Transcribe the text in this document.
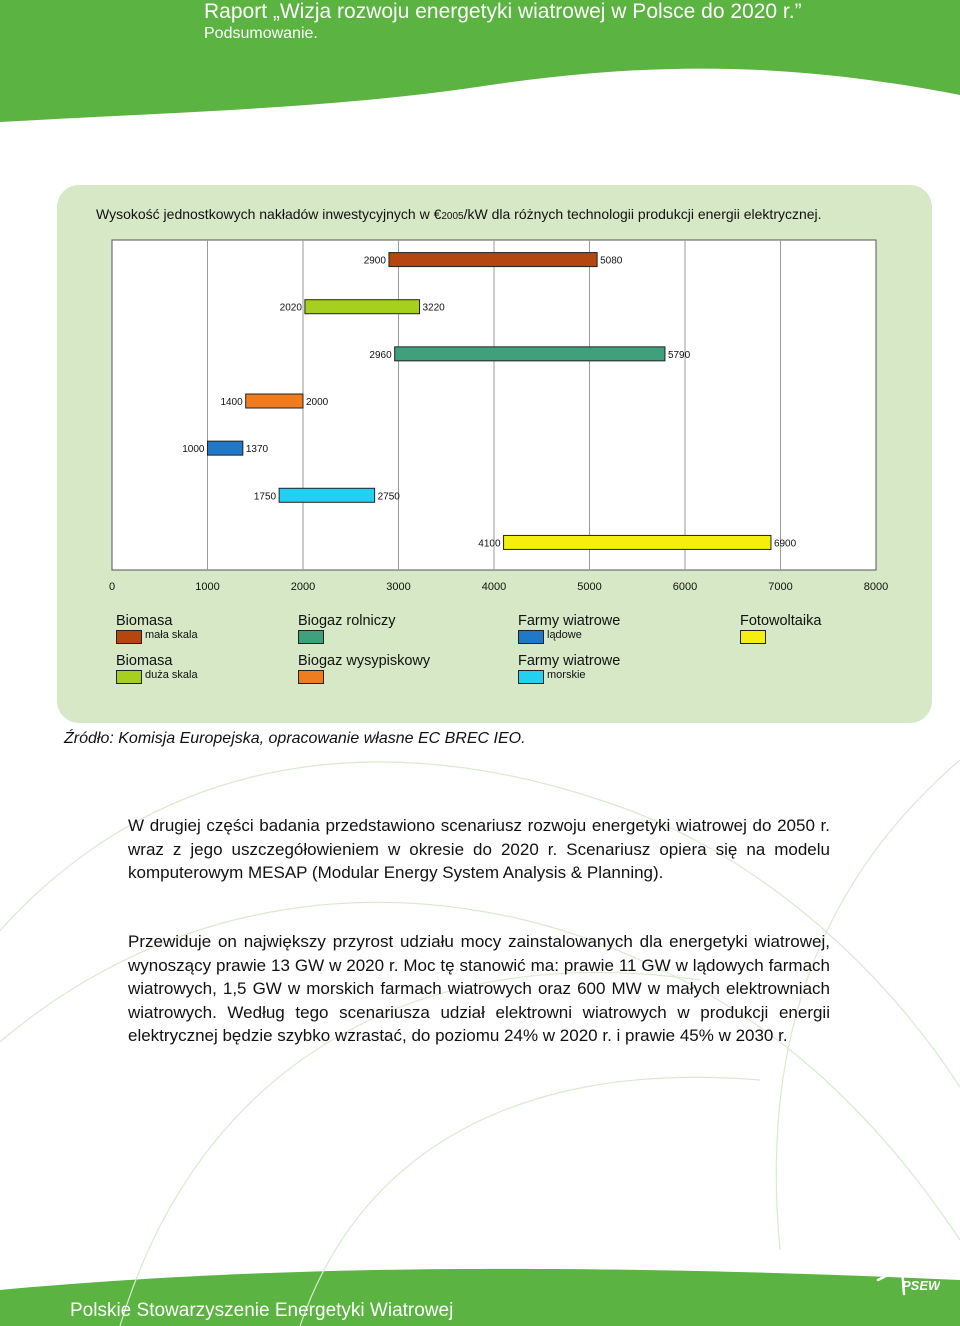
Raport „Wizja rozwoju energetyki wiatrowej w Polsce do 2020 r.”
Podsumowanie.
Wysokość jednostkowych nakładów inwestycyjnych w €2005/kW dla różnych technologii produkcji energii elektrycznej.
0	1000	2000	3000	4000	5000	6000	7000	8000
2900	5080
2020	3220
2960	5790
1400	2000
1000	1370
1750	2750
4100	6900
Biomasa
mała skala
Biogaz rolniczy	Farmy wiatrowe
lądowe
Fotowoltaika
Biomasa
duża skala
Biogaz wysypiskowy	Farmy wiatrowe
morskie
Źródło: Komisja Europejska, opracowanie własne EC BREC IEO.
W drugiej części badania przedstawiono scenariusz rozwoju energetyki wiatrowej do 2050 r. wraz z jego uszczegółowieniem w okresie do 2020 r. Scenariusz opiera się na modelu komputerowym MESAP (Modular Energy System Analysis & Planning).
Przewiduje on największy przyrost udziału mocy zainstalowanych dla energetyki wiatrowej, wynoszący prawie 13 GW w 2020 r. Moc tę stanowić ma: prawie 11 GW w lądowych farmach wiatrowych, 1,5 GW w morskich farmach wiatrowych oraz 600 MW w małych elektrowniach wiatrowych. Według tego scenariusza udział elektrowni wiatrowych w produkcji energii elektrycznej będzie szybko wzrastać, do poziomu 24% w 2020 r. i prawie 45% w 2030 r.
Polskie Stowarzyszenie Energetyki Wiatrowej
PSEW
